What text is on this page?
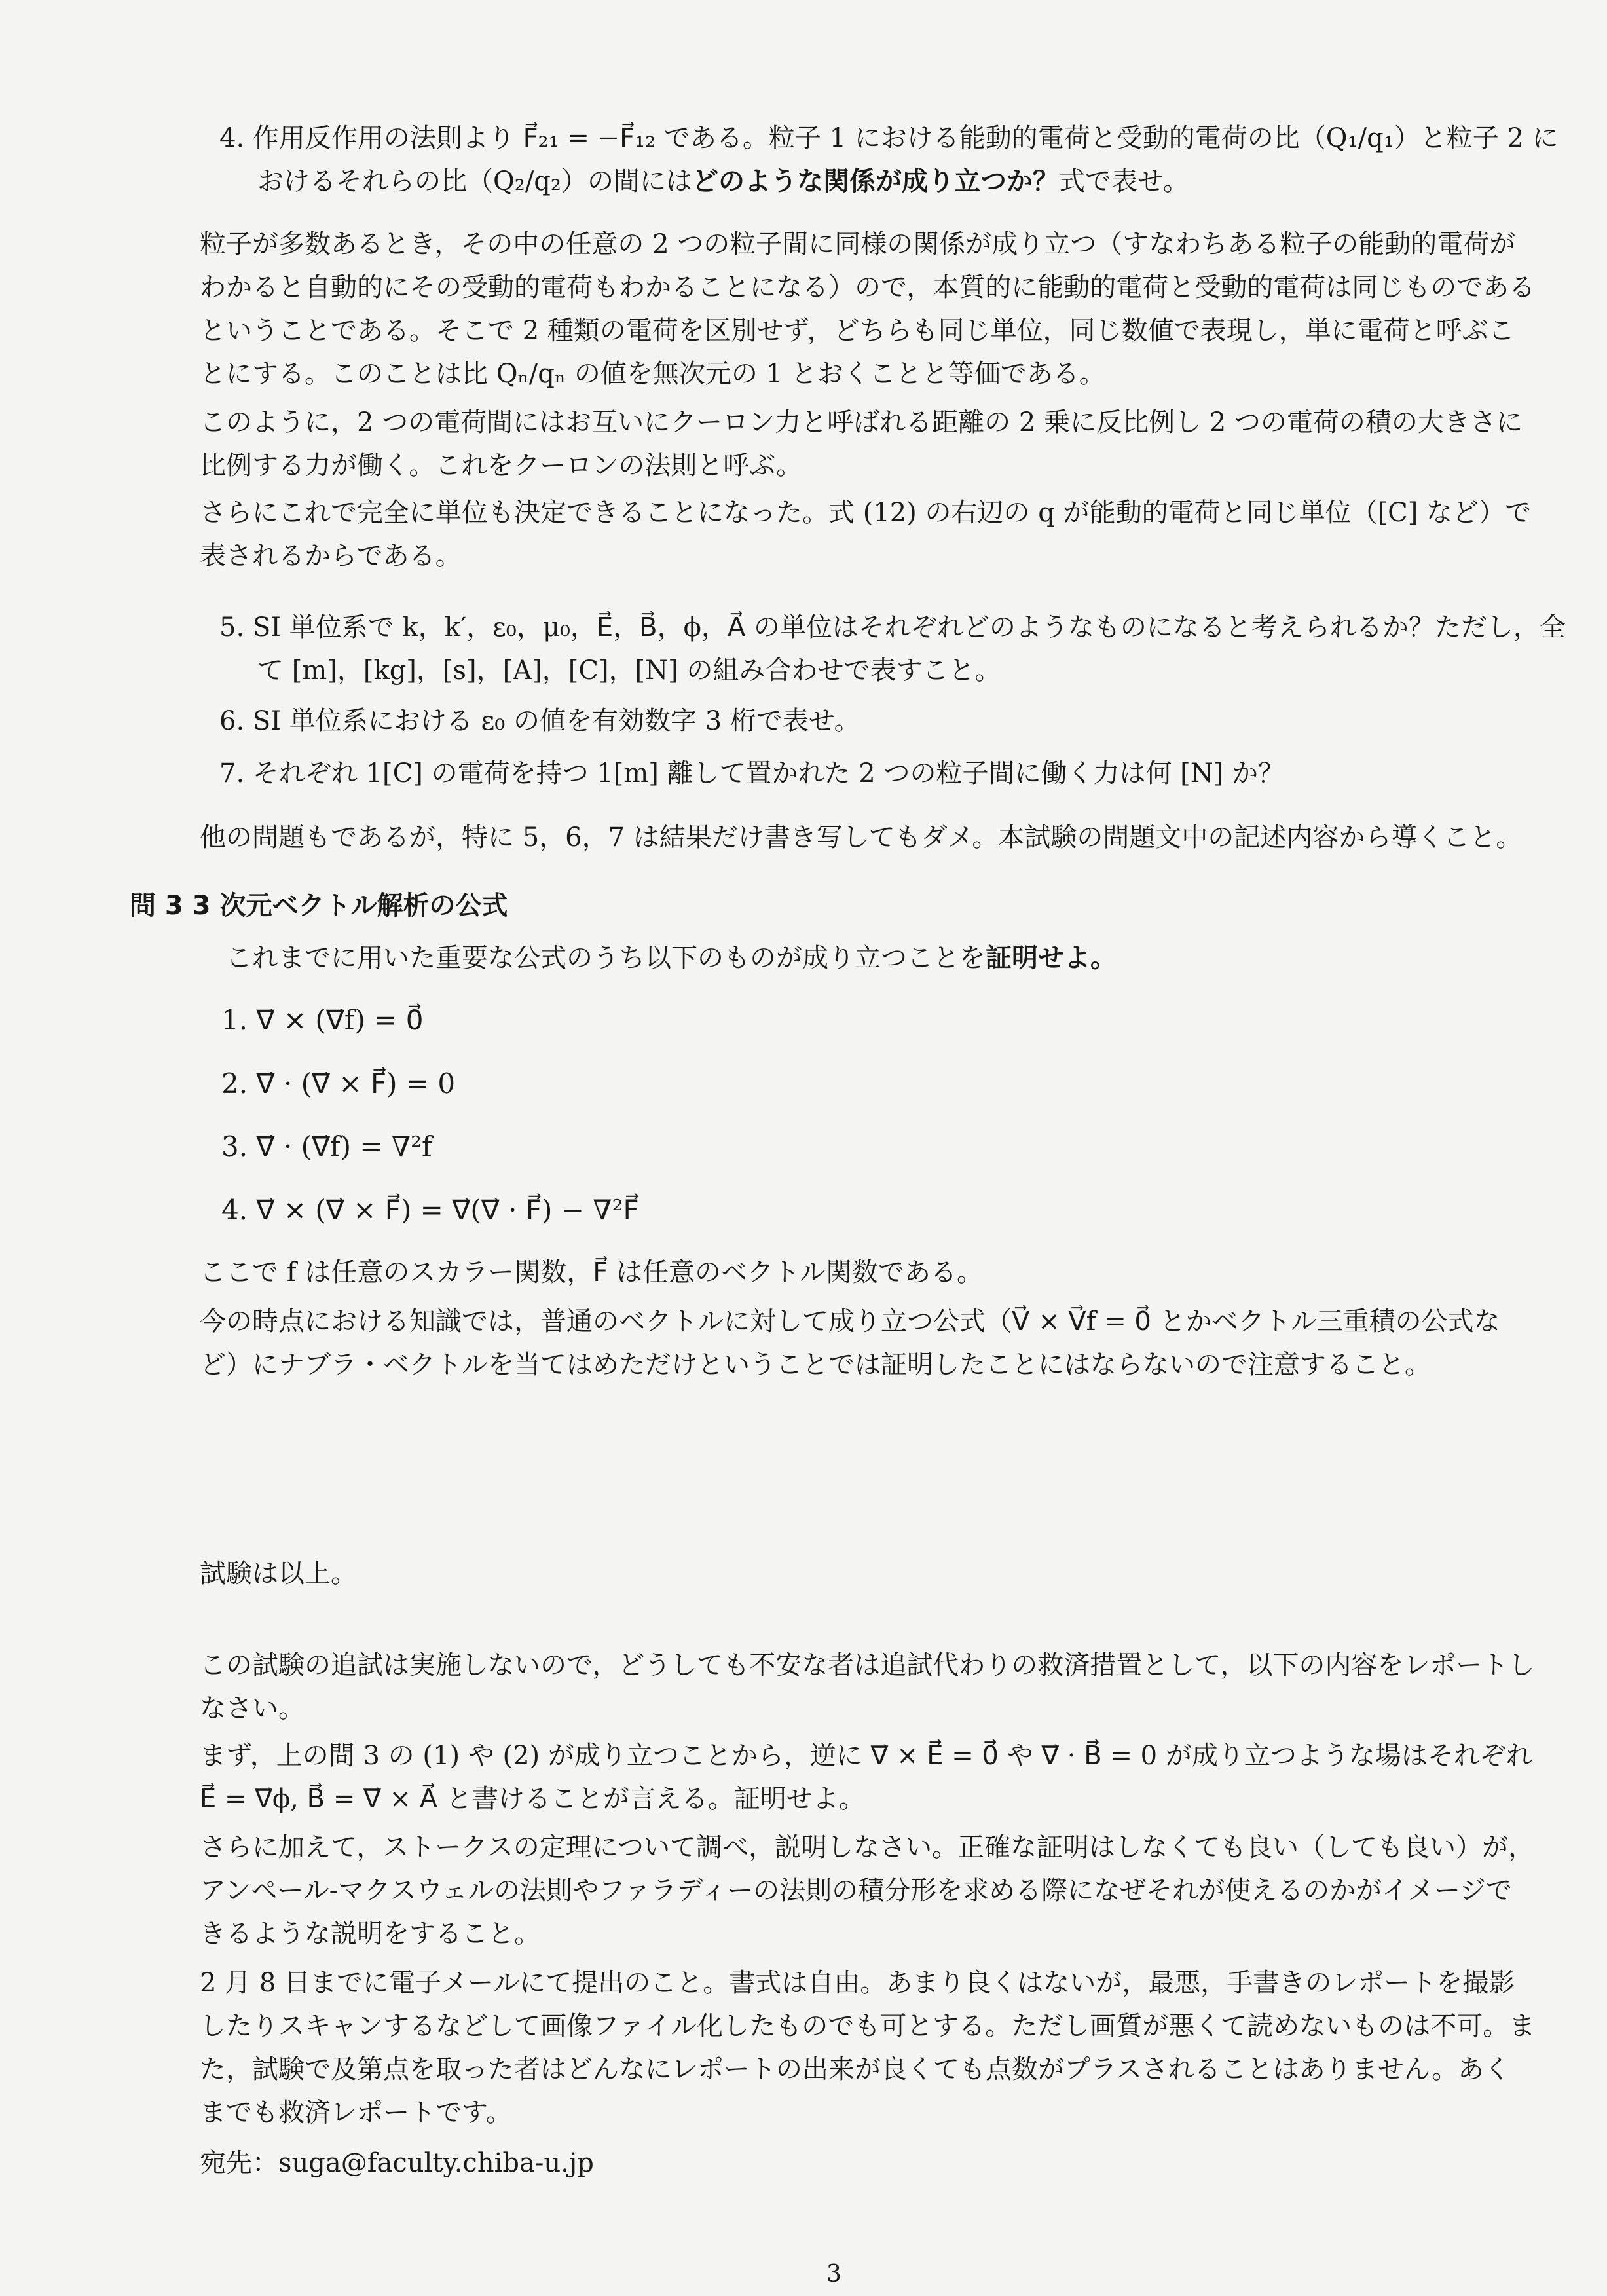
4. 作用反作用の法則より F⃗₂₁ = −F⃗₁₂ である。粒子 1 における能動的電荷と受動的電荷の比（Q₁/q₁）と粒子 2 におけるそれらの比（Q₂/q₂）の間にはどのような関係が成り立つか？式で表せ。
粒子が多数あるとき，その中の任意の 2 つの粒子間に同様の関係が成り立つ（すなわちある粒子の能動的電荷がわかると自動的にその受動的電荷もわかることになる）ので，本質的に能動的電荷と受動的電荷は同じものであるということである。そこで 2 種類の電荷を区別せず，どちらも同じ単位，同じ数値で表現し，単に電荷と呼ぶことにする。このことは比 Qₙ/qₙ の値を無次元の 1 とおくことと等価である。
このように，2 つの電荷間にはお互いにクーロン力と呼ばれる距離の 2 乗に反比例し 2 つの電荷の積の大きさに比例する力が働く。これをクーロンの法則と呼ぶ。
さらにこれで完全に単位も決定できることになった。式 (12) の右辺の q が能動的電荷と同じ単位（[C] など）で表されるからである。
5. SI 単位系で k，k′，ε₀，μ₀，E⃗，B⃗，ϕ，A⃗ の単位はそれぞれどのようなものになると考えられるか？ただし，全て [m]，[kg]，[s]，[A]，[C]，[N] の組み合わせで表すこと。
6. SI 単位系における ε₀ の値を有効数字 3 桁で表せ。
7. それぞれ 1[C] の電荷を持つ 1[m] 離して置かれた 2 つの粒子間に働く力は何 [N] か？
他の問題もであるが，特に 5，6，7 は結果だけ書き写してもダメ。本試験の問題文中の記述内容から導くこと。
問 3 3 次元ベクトル解析の公式
これまでに用いた重要な公式のうち以下のものが成り立つことを証明せよ。
1. ∇⃗ × (∇⃗f) = 0⃗
2. ∇⃗ · (∇⃗ × F⃗) = 0
3. ∇⃗ · (∇⃗f) = ∇²f
4. ∇⃗ × (∇⃗ × F⃗) = ∇⃗(∇⃗ · F⃗) − ∇²F⃗
ここで f は任意のスカラー関数，F⃗ は任意のベクトル関数である。
今の時点における知識では，普通のベクトルに対して成り立つ公式（V⃗ × V⃗f = 0⃗ とかベクトル三重積の公式など）にナブラ・ベクトルを当てはめただけということでは証明したことにはならないので注意すること。
試験は以上。
この試験の追試は実施しないので，どうしても不安な者は追試代わりの救済措置として，以下の内容をレポートしなさい。
まず，上の問 3 の (1) や (2) が成り立つことから，逆に ∇⃗ × E⃗ = 0⃗ や ∇⃗ · B⃗ = 0 が成り立つような場はそれぞれ E⃗ = ∇⃗ϕ, B⃗ = ∇⃗ × A⃗ と書けることが言える。証明せよ。
さらに加えて，ストークスの定理について調べ，説明しなさい。正確な証明はしなくても良い（しても良い）が，アンペール-マクスウェルの法則やファラディーの法則の積分形を求める際になぜそれが使えるのかがイメージできるような説明をすること。
2 月 8 日までに電子メールにて提出のこと。書式は自由。あまり良くはないが，最悪，手書きのレポートを撮影したりスキャンするなどして画像ファイル化したものでも可とする。ただし画質が悪くて読めないものは不可。また，試験で及第点を取った者はどんなにレポートの出来が良くても点数がプラスされることはありません。あくまでも救済レポートです。
宛先：suga@faculty.chiba-u.jp
3
